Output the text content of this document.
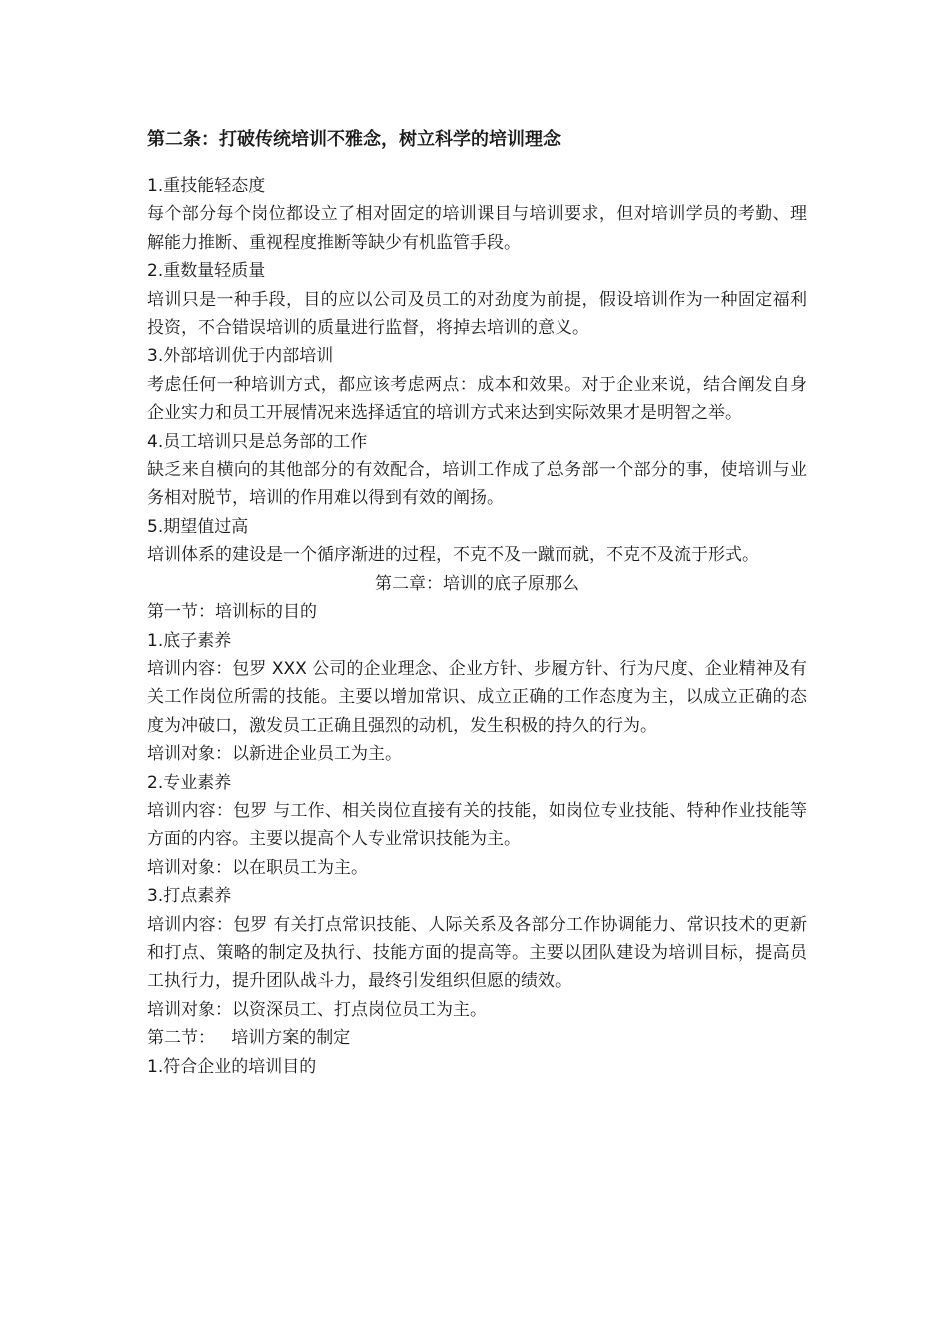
第二条：打破传统培训不雅念，树立科学的培训理念

1.重技能轻态度

每个部分每个岗位都设立了相对固定的培训课目与培训要求，但对培训学员的考勤、理解能力推断、重视程度推断等缺少有机监管手段。

2.重数量轻质量

培训只是一种手段，目的应以公司及员工的对劲度为前提，假设培训作为一种固定福利投资，不合错误培训的质量进行监督，将掉去培训的意义。

3.外部培训优于内部培训

考虑任何一种培训方式，都应该考虑两点：成本和效果。对于企业来说，结合阐发自身企业实力和员工开展情况来选择适宜的培训方式来达到实际效果才是明智之举。

4.员工培训只是总务部的工作

缺乏来自横向的其他部分的有效配合，培训工作成了总务部一个部分的事，使培训与业务相对脱节，培训的作用难以得到有效的阐扬。

5.期望值过高

培训体系的建设是一个循序渐进的过程，不克不及一蹴而就，不克不及流于形式。

第二章：培训的底子原那么

第一节：培训标的目的

1.底子素养

培训内容：包罗 XXX 公司的企业理念、企业方针、步履方针、行为尺度、企业精神及有关工作岗位所需的技能。主要以增加常识、成立正确的工作态度为主，以成立正确的态度为冲破口，激发员工正确且强烈的动机，发生积极的持久的行为。

培训对象：以新进企业员工为主。

2.专业素养

培训内容：包罗 与工作、相关岗位直接有关的技能，如岗位专业技能、特种作业技能等方面的内容。主要以提高个人专业常识技能为主。

培训对象：以在职员工为主。

3.打点素养

培训内容：包罗 有关打点常识技能、人际关系及各部分工作协调能力、常识技术的更新和打点、策略的制定及执行、技能方面的提高等。主要以团队建设为培训目标，提高员工执行力，提升团队战斗力，最终引发组织但愿的绩效。

培训对象：以资深员工、打点岗位员工为主。

第二节：   培训方案的制定

1.符合企业的培训目的
